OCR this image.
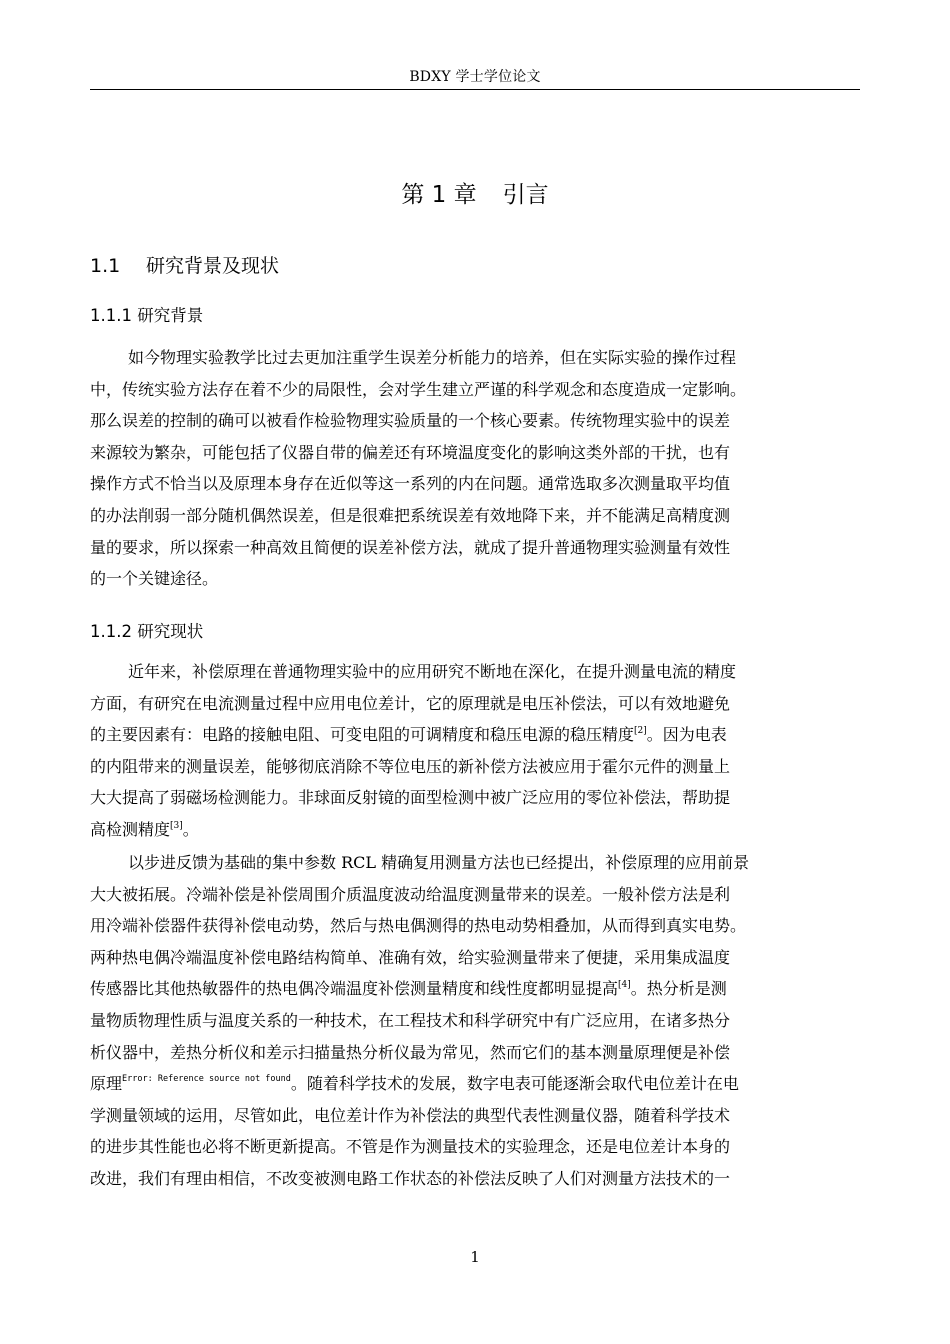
BDXY 学士学位论文
第 1 章 引言
1.1 研究背景及现状
1.1.1 研究背景
如今物理实验教学比过去更加注重学生误差分析能力的培养，但在实际实验的操作过程
中，传统实验方法存在着不少的局限性，会对学生建立严谨的科学观念和态度造成一定影响。
那么误差的控制的确可以被看作检验物理实验质量的一个核心要素。传统物理实验中的误差
来源较为繁杂，可能包括了仪器自带的偏差还有环境温度变化的影响这类外部的干扰，也有
操作方式不恰当以及原理本身存在近似等这一系列的内在问题。通常选取多次测量取平均值
的办法削弱一部分随机偶然误差，但是很难把系统误差有效地降下来，并不能满足高精度测
量的要求，所以探索一种高效且简便的误差补偿方法，就成了提升普通物理实验测量有效性
的一个关键途径。
1.1.2 研究现状
近年来，补偿原理在普通物理实验中的应用研究不断地在深化，在提升测量电流的精度
方面，有研究在电流测量过程中应用电位差计，它的原理就是电压补偿法，可以有效地避免
的主要因素有：电路的接触电阻、可变电阻的可调精度和稳压电源的稳压精度[2]。因为电表
的内阻带来的测量误差，能够彻底消除不等位电压的新补偿方法被应用于霍尔元件的测量上
大大提高了弱磁场检测能力。非球面反射镜的面型检测中被广泛应用的零位补偿法，帮助提
高检测精度[3]。
以步进反馈为基础的集中参数 RCL 精确复用测量方法也已经提出，补偿原理的应用前景
大大被拓展。冷端补偿是补偿周围介质温度波动给温度测量带来的误差。一般补偿方法是利
用冷端补偿器件获得补偿电动势，然后与热电偶测得的热电动势相叠加，从而得到真实电势。
两种热电偶冷端温度补偿电路结构简单、准确有效，给实验测量带来了便捷，采用集成温度
传感器比其他热敏器件的热电偶冷端温度补偿测量精度和线性度都明显提高[4]。热分析是测
量物质物理性质与温度关系的一种技术，在工程技术和科学研究中有广泛应用，在诸多热分
析仪器中，差热分析仪和差示扫描量热分析仪最为常见，然而它们的基本测量原理便是补偿
原理$^{Error: Reference source not found}$。随着科学技术的发展，数字电表可能逐渐会取代电位差计在电
学测量领域的运用，尽管如此，电位差计作为补偿法的典型代表性测量仪器，随着科学技术
的进步其性能也必将不断更新提高。不管是作为测量技术的实验理念，还是电位差计本身的
改进，我们有理由相信，不改变被测电路工作状态的补偿法反映了人们对测量方法技术的一
1
